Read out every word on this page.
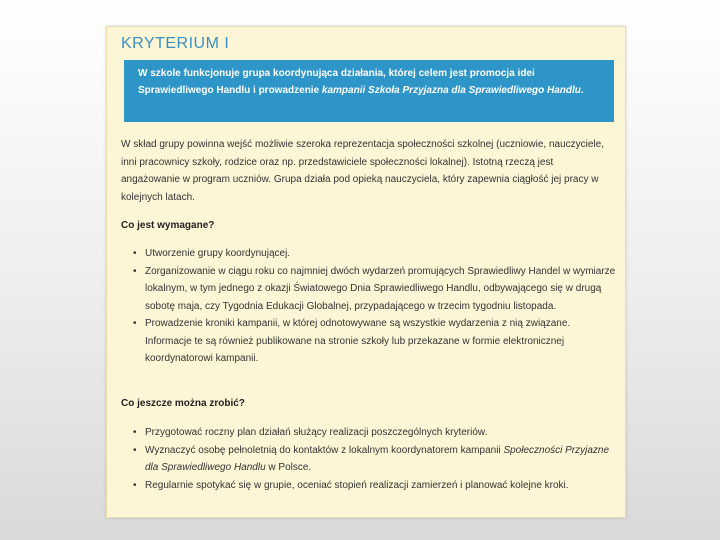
KRYTERIUM I
W szkole funkcjonuje grupa koordynująca działania, której celem jest promocja idei Sprawiedliwego Handlu i prowadzenie kampanii Szkoła Przyjazna dla Sprawiedliwego Handlu.
W skład grupy powinna wejść możliwie szeroka reprezentacja społeczności szkolnej (uczniowie, nauczyciele, inni pracownicy szkoły, rodzice oraz np. przedstawiciele społeczności lokalnej). Istotną rzeczą jest angażowanie w program uczniów. Grupa działa pod opieką nauczyciela, który zapewnia ciągłość jej pracy w kolejnych latach.
Co jest wymagane?
• Utworzenie grupy koordynującej.
• Zorganizowanie w ciągu roku co najmniej dwóch wydarzeń promujących Sprawiedliwy Handel w wymiarze lokalnym, w tym jednego z okazji Światowego Dnia Sprawiedliwego Handlu, odbywającego się w drugą sobotę maja, czy Tygodnia Edukacji Globalnej, przypadającego w trzecim tygodniu listopada.
• Prowadzenie kroniki kampanii, w której odnotowywane są wszystkie wydarzenia z nią związane. Informacje te są również publikowane na stronie szkoły lub przekazane w formie elektronicznej koordynatorowi kampanii.
Co jeszcze można zrobić?
• Przygotować roczny plan działań służący realizacji poszczególnych kryteriów.
• Wyznaczyć osobę pełnoletnią do kontaktów z lokalnym koordynatorem kampanii Społeczności Przyjazne dla Sprawiedliwego Handlu w Polsce.
• Regularnie spotykać się w grupie, oceniać stopień realizacji zamierzeń i planować kolejne kroki.
